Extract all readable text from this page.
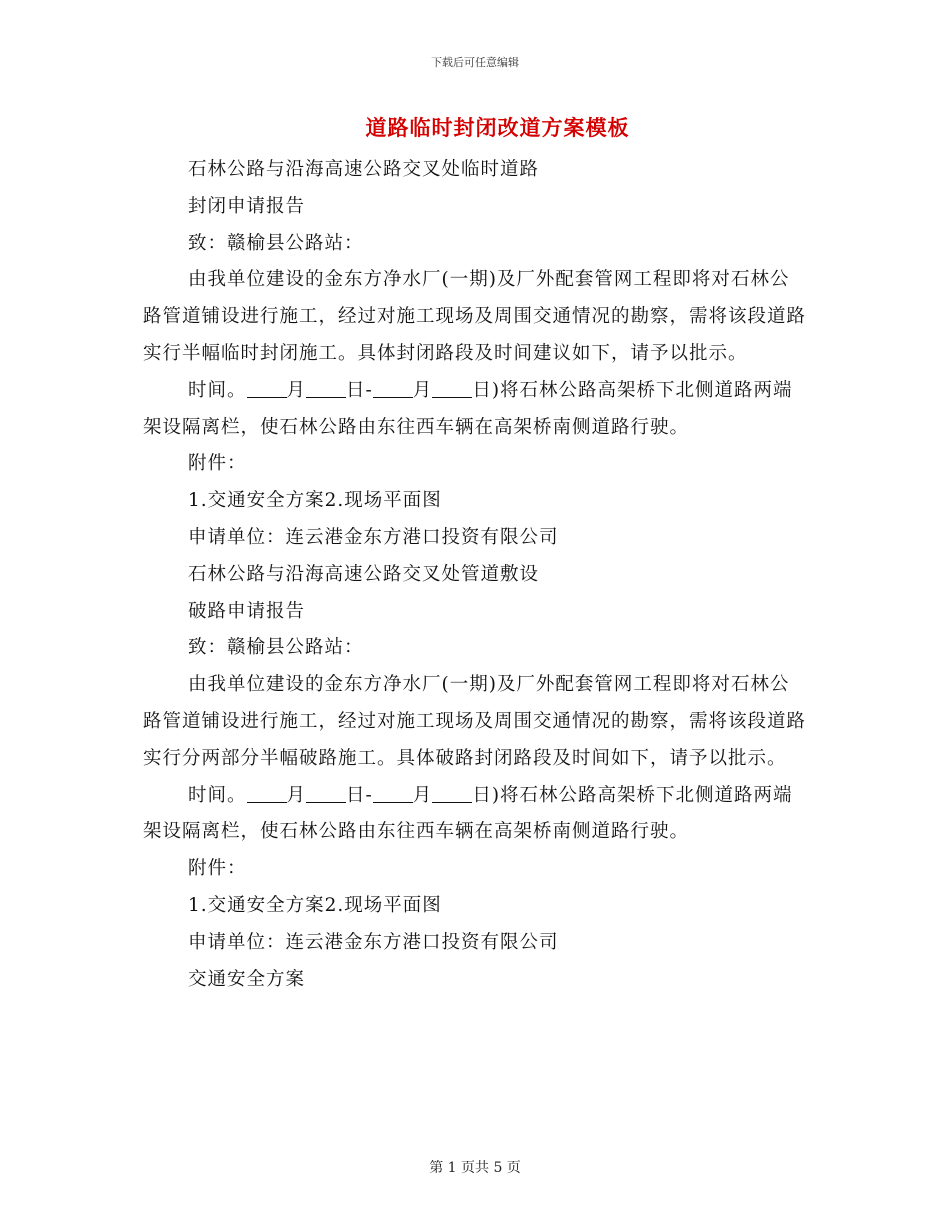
下载后可任意编辑
道路临时封闭改道方案模板

石林公路与沿海高速公路交叉处临时道路

封闭申请报告

致：赣榆县公路站：

由我单位建设的金东方净水厂(一期)及厂外配套管网工程即将对石林公路管道铺设进行施工，经过对施工现场及周围交通情况的勘察，需将该段道路实行半幅临时封闭施工。具体封闭路段及时间建议如下，请予以批示。

时间。 月 日- 月 日)将石林公路高架桥下北侧道路两端架设隔离栏，使石林公路由东往西车辆在高架桥南侧道路行驶。

附件：

1.交通安全方案2.现场平面图

申请单位：连云港金东方港口投资有限公司

石林公路与沿海高速公路交叉处管道敷设

破路申请报告

致：赣榆县公路站：

由我单位建设的金东方净水厂(一期)及厂外配套管网工程即将对石林公路管道铺设进行施工，经过对施工现场及周围交通情况的勘察，需将该段道路实行分两部分半幅破路施工。具体破路封闭路段及时间如下，请予以批示。

时间。 月 日- 月 日)将石林公路高架桥下北侧道路两端架设隔离栏，使石林公路由东往西车辆在高架桥南侧道路行驶。

附件：

1.交通安全方案2.现场平面图

申请单位：连云港金东方港口投资有限公司

交通安全方案

第 1 页共 5 页
